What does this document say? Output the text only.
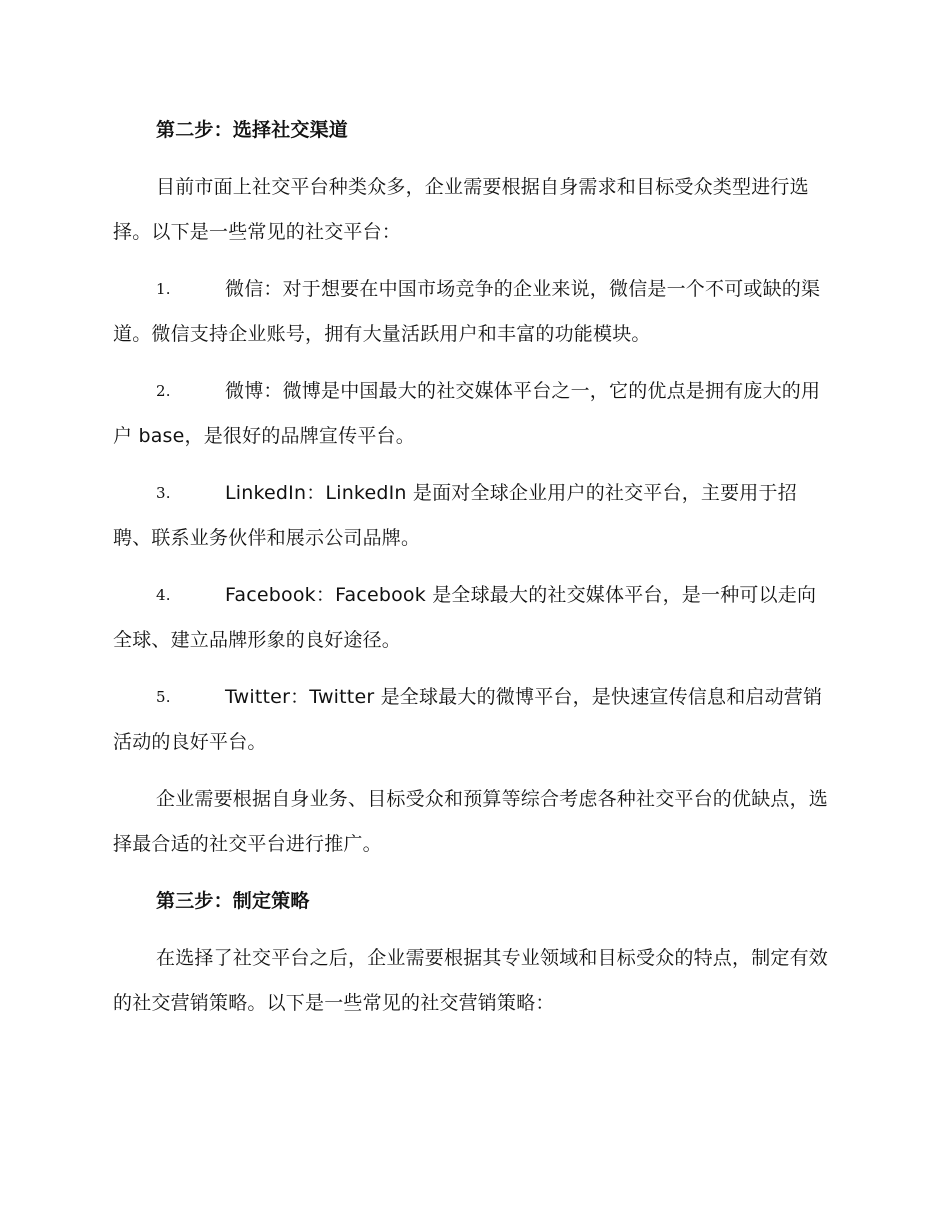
第二步：选择社交渠道
目前市面上社交平台种类众多，企业需要根据自身需求和目标受众类型进行选择。以下是一些常见的社交平台：
1.	微信：对于想要在中国市场竞争的企业来说，微信是一个不可或缺的渠道。微信支持企业账号，拥有大量活跃用户和丰富的功能模块。
2.	微博：微博是中国最大的社交媒体平台之一，它的优点是拥有庞大的用户 base，是很好的品牌宣传平台。
3.	LinkedIn：LinkedIn 是面对全球企业用户的社交平台，主要用于招聘、联系业务伙伴和展示公司品牌。
4.	Facebook：Facebook 是全球最大的社交媒体平台，是一种可以走向全球、建立品牌形象的良好途径。
5.	Twitter：Twitter 是全球最大的微博平台，是快速宣传信息和启动营销活动的良好平台。
企业需要根据自身业务、目标受众和预算等综合考虑各种社交平台的优缺点，选择最合适的社交平台进行推广。
第三步：制定策略
在选择了社交平台之后，企业需要根据其专业领域和目标受众的特点，制定有效的社交营销策略。以下是一些常见的社交营销策略：
